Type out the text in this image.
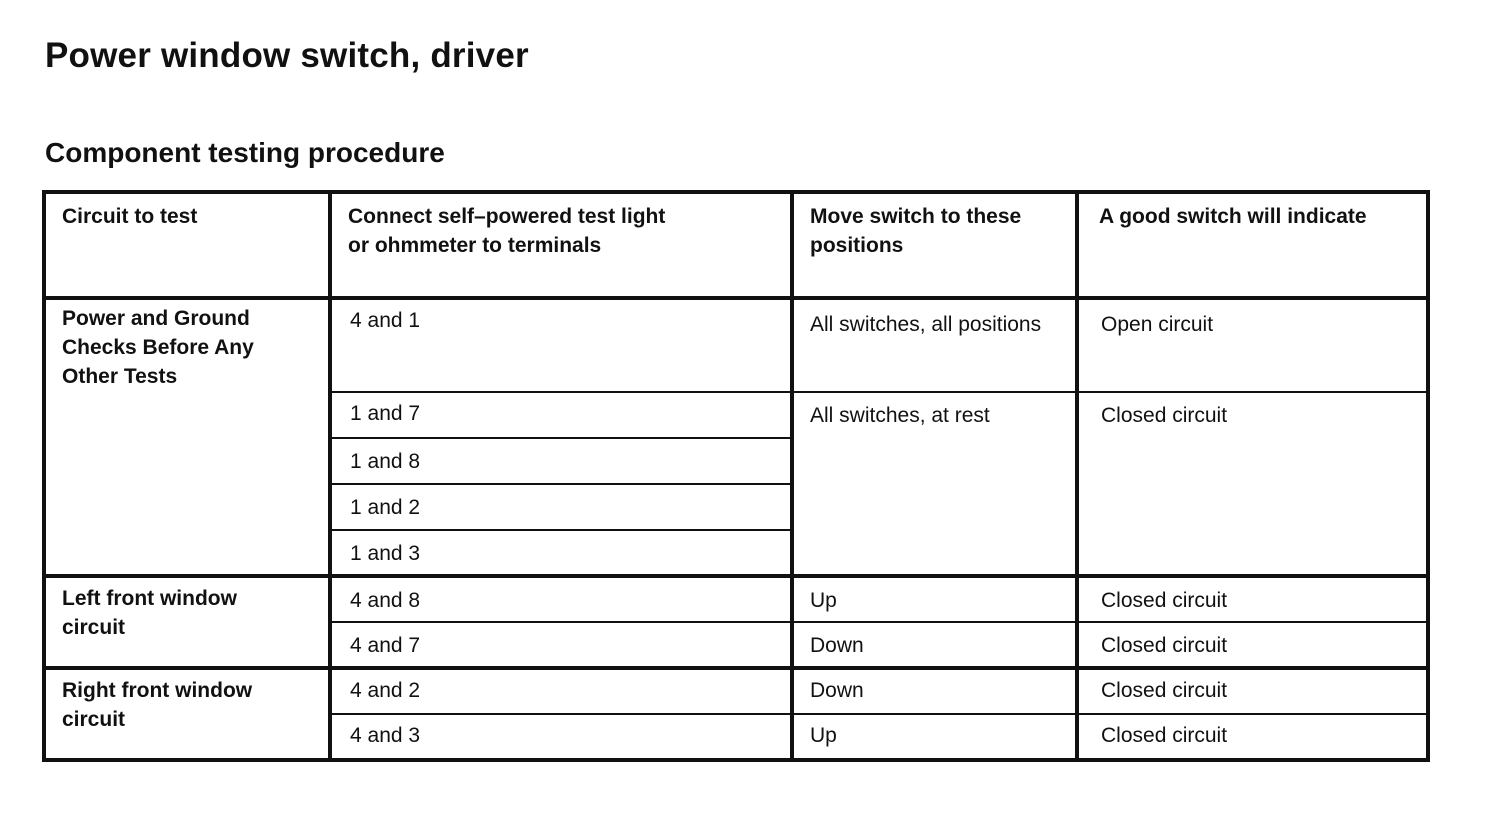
Power window switch, driver
Component testing procedure
Circuit to test	Connect self–powered test light or ohmmeter to terminals	Move switch to these positions	A good switch will indicate
Power and Ground Checks Before Any Other Tests	4 and 1	All switches, all positions	Open circuit
	1 and 7	All switches, at rest	Closed circuit
	1 and 8		
	1 and 2		
	1 and 3		
Left front window circuit	4 and 8	Up	Closed circuit
	4 and 7	Down	Closed circuit
Right front window circuit	4 and 2	Down	Closed circuit
	4 and 3	Up	Closed circuit
